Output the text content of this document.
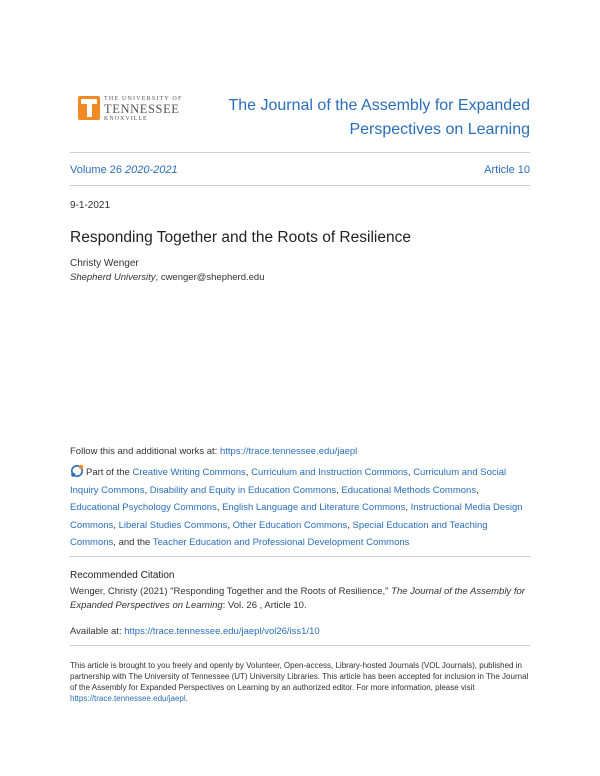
THE UNIVERSITY OF
TENNESSEE
KNOXVILLE
The Journal of the Assembly for Expanded
Perspectives on Learning
Volume 26 2020-2021	Article 10
9-1-2021
Responding Together and the Roots of Resilience
Christy Wenger
Shepherd University, cwenger@shepherd.edu
Follow this and additional works at: https://trace.tennessee.edu/jaepl
Part of the Creative Writing Commons, Curriculum and Instruction Commons, Curriculum and Social Inquiry Commons, Disability and Equity in Education Commons, Educational Methods Commons, Educational Psychology Commons, English Language and Literature Commons, Instructional Media Design Commons, Liberal Studies Commons, Other Education Commons, Special Education and Teaching Commons, and the Teacher Education and Professional Development Commons
Recommended Citation
Wenger, Christy (2021) "Responding Together and the Roots of Resilience," The Journal of the Assembly for Expanded Perspectives on Learning: Vol. 26 , Article 10.
Available at: https://trace.tennessee.edu/jaepl/vol26/iss1/10
This article is brought to you freely and openly by Volunteer, Open-access, Library-hosted Journals (VOL Journals), published in partnership with The University of Tennessee (UT) University Libraries. This article has been accepted for inclusion in The Journal of the Assembly for Expanded Perspectives on Learning by an authorized editor. For more information, please visit https://trace.tennessee.edu/jaepl.
